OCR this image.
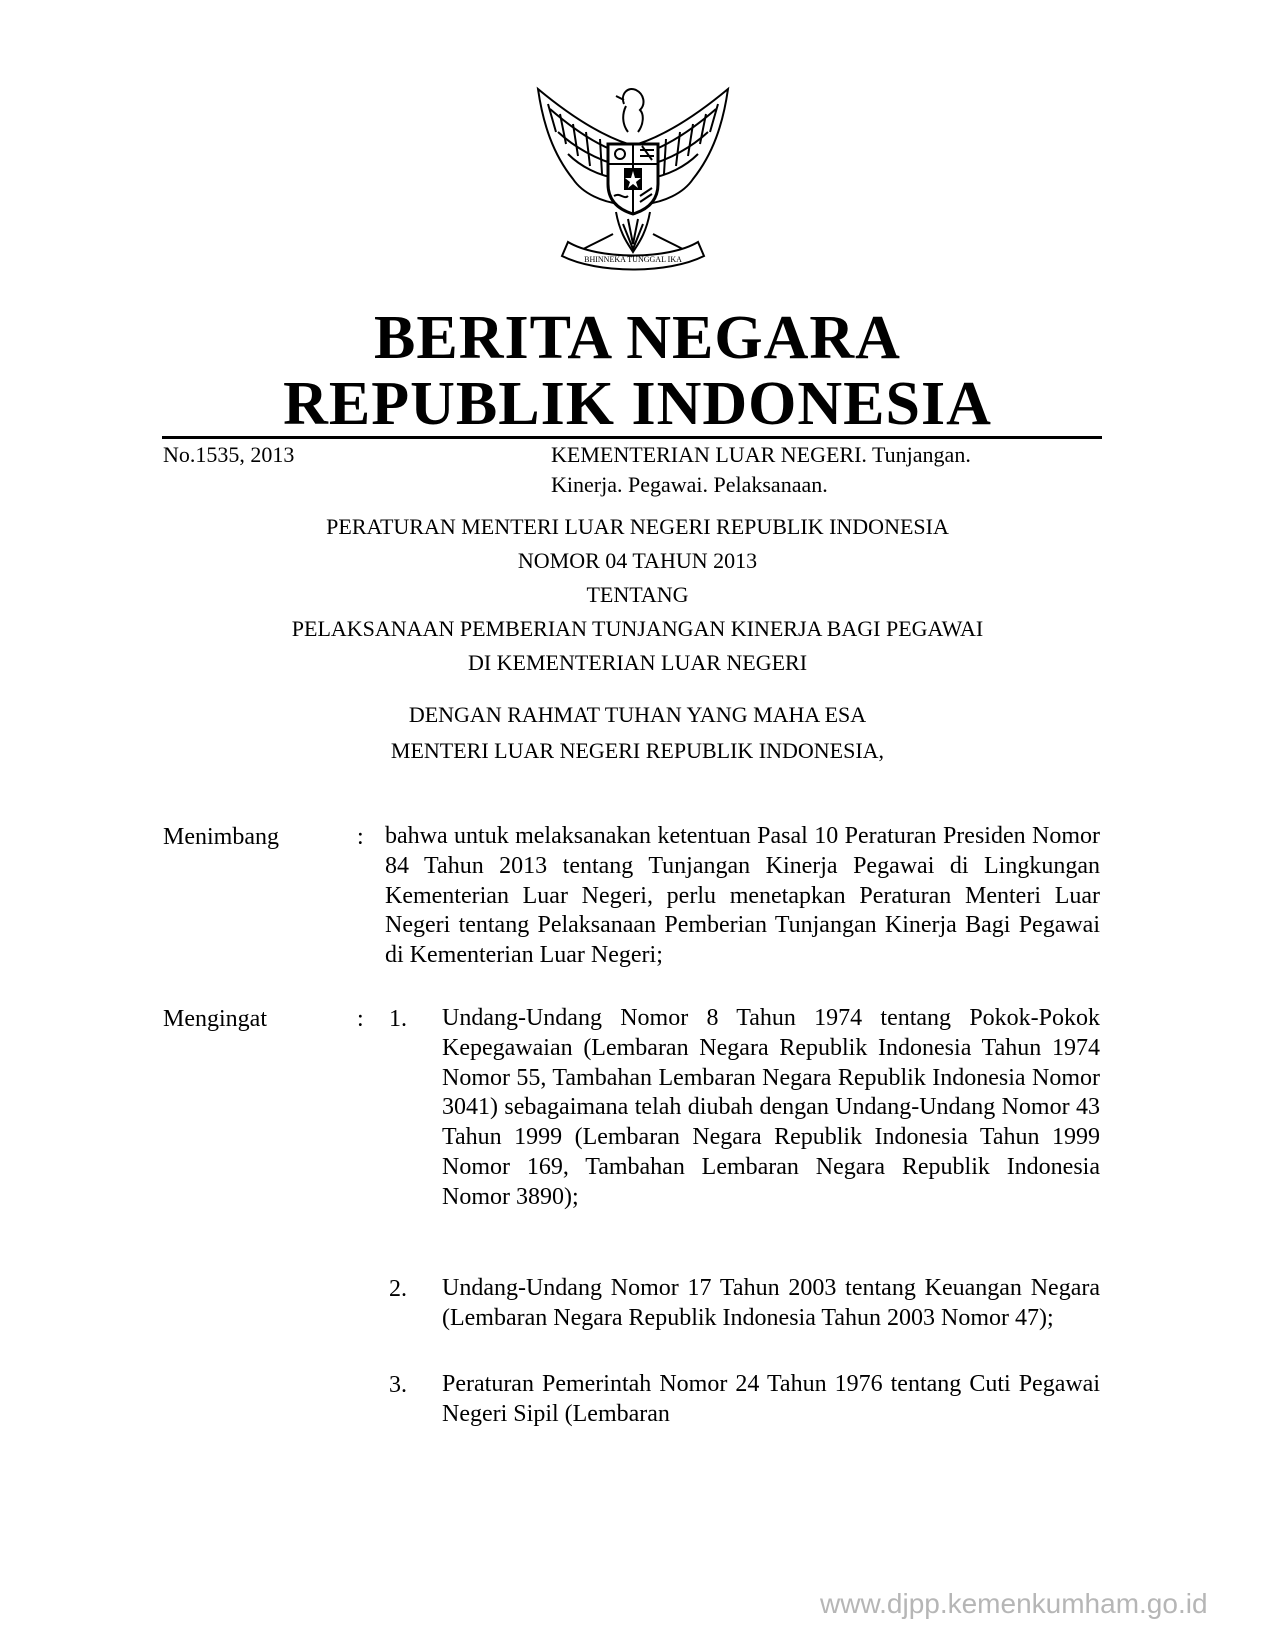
BHINNEKA TUNGGAL IKA
BERITA NEGARA
REPUBLIK INDONESIA
No.1535, 2013	KEMENTERIAN LUAR NEGERI. Tunjangan.
Kinerja. Pegawai. Pelaksanaan.
PERATURAN MENTERI LUAR NEGERI REPUBLIK INDONESIA
NOMOR 04 TAHUN 2013
TENTANG
PELAKSANAAN PEMBERIAN TUNJANGAN KINERJA BAGI PEGAWAI
DI KEMENTERIAN LUAR NEGERI
DENGAN RAHMAT TUHAN YANG MAHA ESA
MENTERI LUAR NEGERI REPUBLIK INDONESIA,
Menimbang	: bahwa untuk melaksanakan ketentuan Pasal 10 Peraturan Presiden Nomor 84 Tahun 2013 tentang Tunjangan Kinerja Pegawai di Lingkungan Kementerian Luar Negeri, perlu menetapkan Peraturan Menteri Luar Negeri tentang Pelaksanaan Pemberian Tunjangan Kinerja Bagi Pegawai di Kementerian Luar Negeri;
Mengingat	: 1. Undang-Undang Nomor 8 Tahun 1974 tentang Pokok-Pokok Kepegawaian (Lembaran Negara Republik Indonesia Tahun 1974 Nomor 55, Tambahan Lembaran Negara Republik Indonesia Nomor 3041) sebagaimana telah diubah dengan Undang-Undang Nomor 43 Tahun 1999 (Lembaran Negara Republik Indonesia Tahun 1999 Nomor 169, Tambahan Lembaran Negara Republik Indonesia Nomor 3890);
2. Undang-Undang Nomor 17 Tahun 2003 tentang Keuangan Negara (Lembaran Negara Republik Indonesia Tahun 2003 Nomor 47);
3. Peraturan Pemerintah Nomor 24 Tahun 1976 tentang Cuti Pegawai Negeri Sipil (Lembaran
www.djpp.kemenkumham.go.id
